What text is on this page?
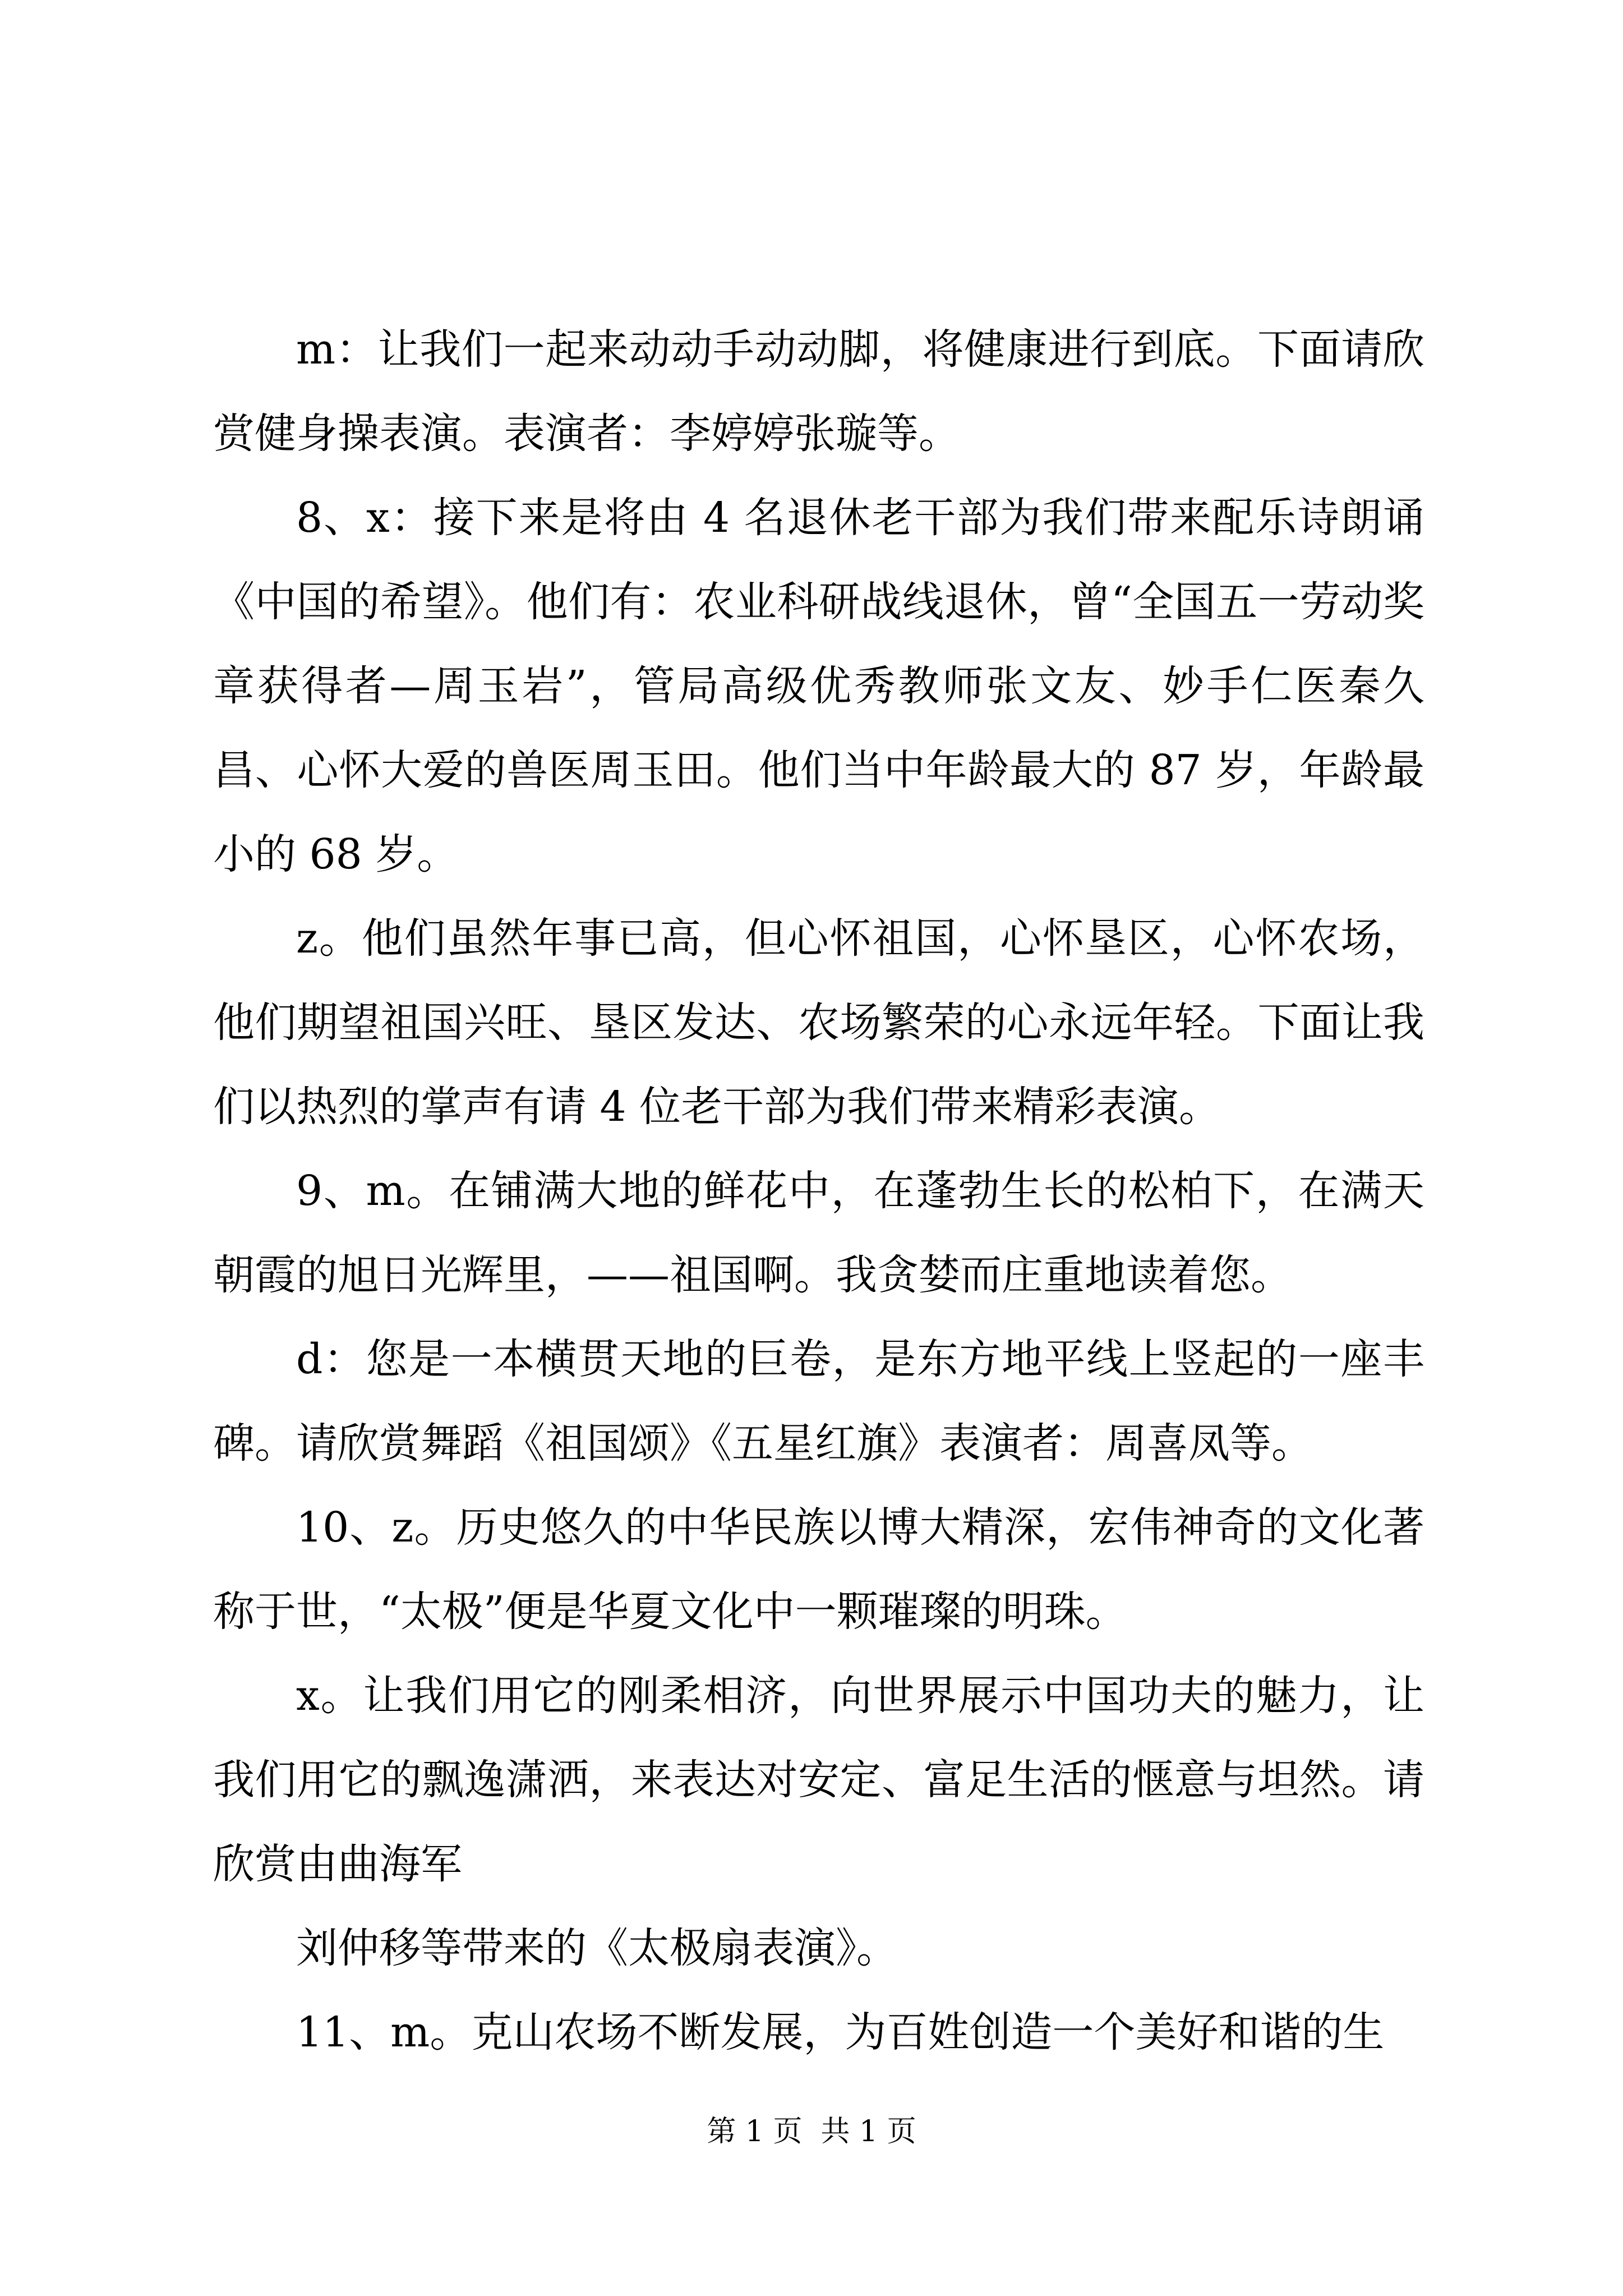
m：让我们一起来动动手动动脚，将健康进行到底。下面请欣赏健身操表演。表演者：李婷婷张璇等。

8、x：接下来是将由 4 名退休老干部为我们带来配乐诗朗诵《中国的希望》。他们有：农业科研战线退休，曾“全国五一劳动奖章获得者—周玉岩”，管局高级优秀教师张文友、妙手仁医秦久昌、心怀大爱的兽医周玉田。他们当中年龄最大的 87 岁，年龄最小的 68 岁。

z。他们虽然年事已高，但心怀祖国，心怀垦区，心怀农场，他们期望祖国兴旺、垦区发达、农场繁荣的心永远年轻。下面让我们以热烈的掌声有请 4 位老干部为我们带来精彩表演。

9、m。在铺满大地的鲜花中，在蓬勃生长的松柏下，在满天朝霞的旭日光辉里，——祖国啊。我贪婪而庄重地读着您。

d：您是一本横贯天地的巨卷，是东方地平线上竖起的一座丰碑。请欣赏舞蹈《祖国颂》《五星红旗》表演者：周喜凤等。

10、z。历史悠久的中华民族以博大精深，宏伟神奇的文化著称于世，“太极”便是华夏文化中一颗璀璨的明珠。

x。让我们用它的刚柔相济，向世界展示中国功夫的魅力，让我们用它的飘逸潇洒，来表达对安定、富足生活的惬意与坦然。请欣赏由曲海军

刘仲移等带来的《太极扇表演》。

11、m。克山农场不断发展，为百姓创造一个美好和谐的生

第 1 页  共 1 页
